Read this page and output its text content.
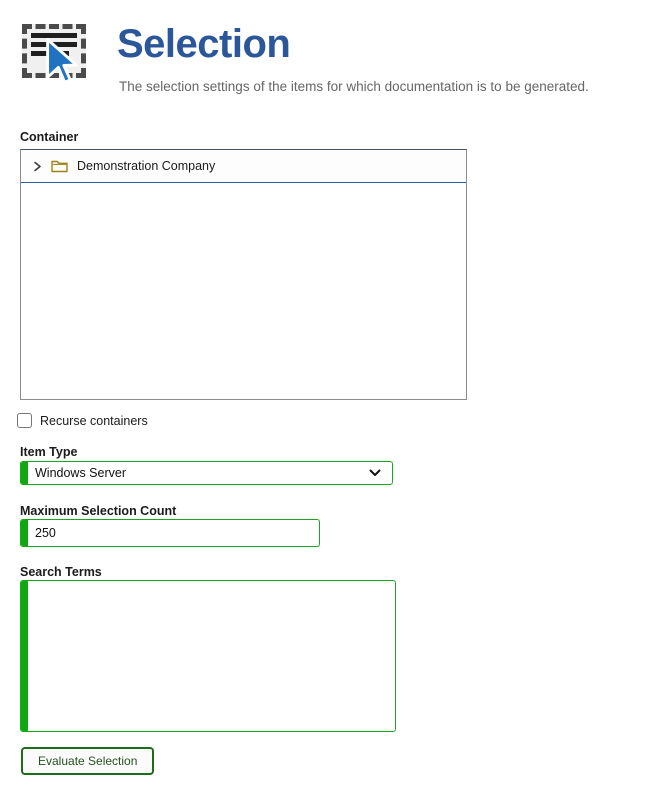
Selection
The selection settings of the items for which documentation is to be generated.
Container
Demonstration Company
Recurse containers
Item Type
Windows Server
Maximum Selection Count
250
Search Terms
Evaluate Selection
